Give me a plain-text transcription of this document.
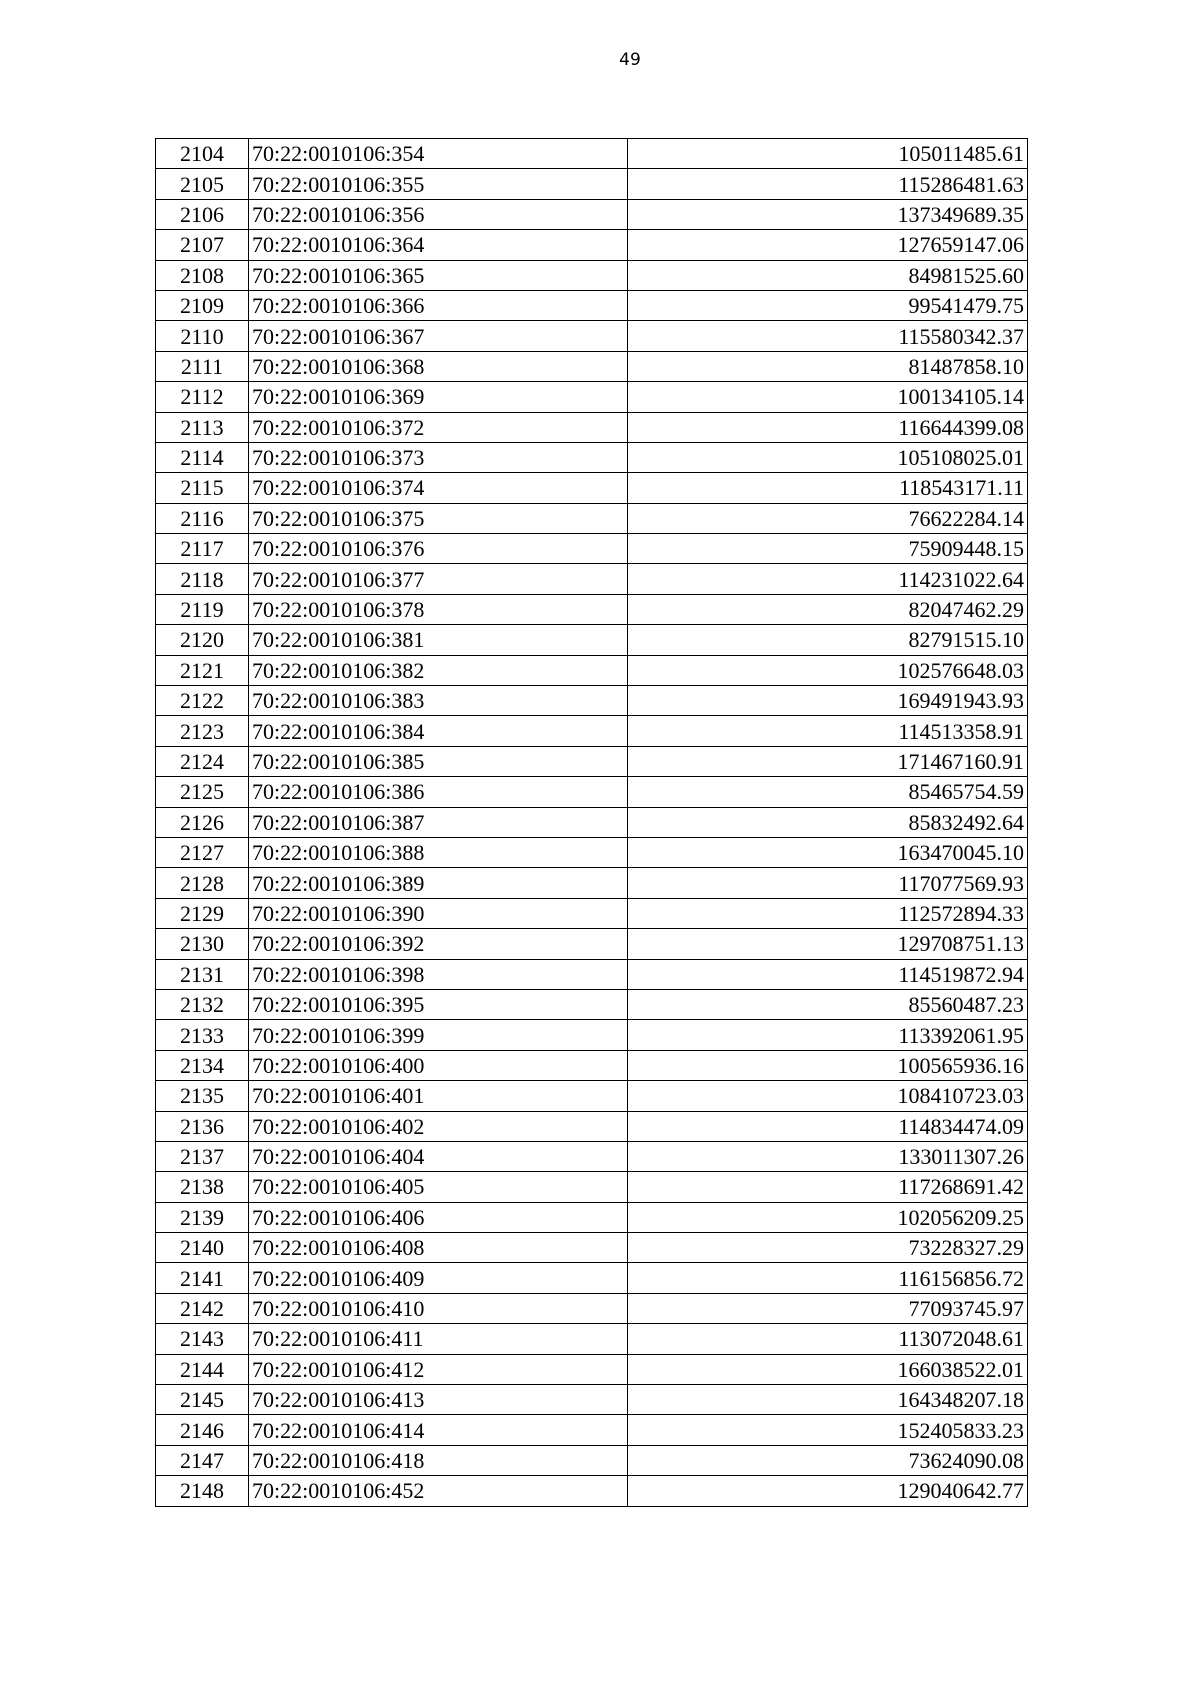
49
2104	70:22:0010106:354	105011485.61
2105	70:22:0010106:355	115286481.63
2106	70:22:0010106:356	137349689.35
2107	70:22:0010106:364	127659147.06
2108	70:22:0010106:365	84981525.60
2109	70:22:0010106:366	99541479.75
2110	70:22:0010106:367	115580342.37
2111	70:22:0010106:368	81487858.10
2112	70:22:0010106:369	100134105.14
2113	70:22:0010106:372	116644399.08
2114	70:22:0010106:373	105108025.01
2115	70:22:0010106:374	118543171.11
2116	70:22:0010106:375	76622284.14
2117	70:22:0010106:376	75909448.15
2118	70:22:0010106:377	114231022.64
2119	70:22:0010106:378	82047462.29
2120	70:22:0010106:381	82791515.10
2121	70:22:0010106:382	102576648.03
2122	70:22:0010106:383	169491943.93
2123	70:22:0010106:384	114513358.91
2124	70:22:0010106:385	171467160.91
2125	70:22:0010106:386	85465754.59
2126	70:22:0010106:387	85832492.64
2127	70:22:0010106:388	163470045.10
2128	70:22:0010106:389	117077569.93
2129	70:22:0010106:390	112572894.33
2130	70:22:0010106:392	129708751.13
2131	70:22:0010106:398	114519872.94
2132	70:22:0010106:395	85560487.23
2133	70:22:0010106:399	113392061.95
2134	70:22:0010106:400	100565936.16
2135	70:22:0010106:401	108410723.03
2136	70:22:0010106:402	114834474.09
2137	70:22:0010106:404	133011307.26
2138	70:22:0010106:405	117268691.42
2139	70:22:0010106:406	102056209.25
2140	70:22:0010106:408	73228327.29
2141	70:22:0010106:409	116156856.72
2142	70:22:0010106:410	77093745.97
2143	70:22:0010106:411	113072048.61
2144	70:22:0010106:412	166038522.01
2145	70:22:0010106:413	164348207.18
2146	70:22:0010106:414	152405833.23
2147	70:22:0010106:418	73624090.08
2148	70:22:0010106:452	129040642.77
